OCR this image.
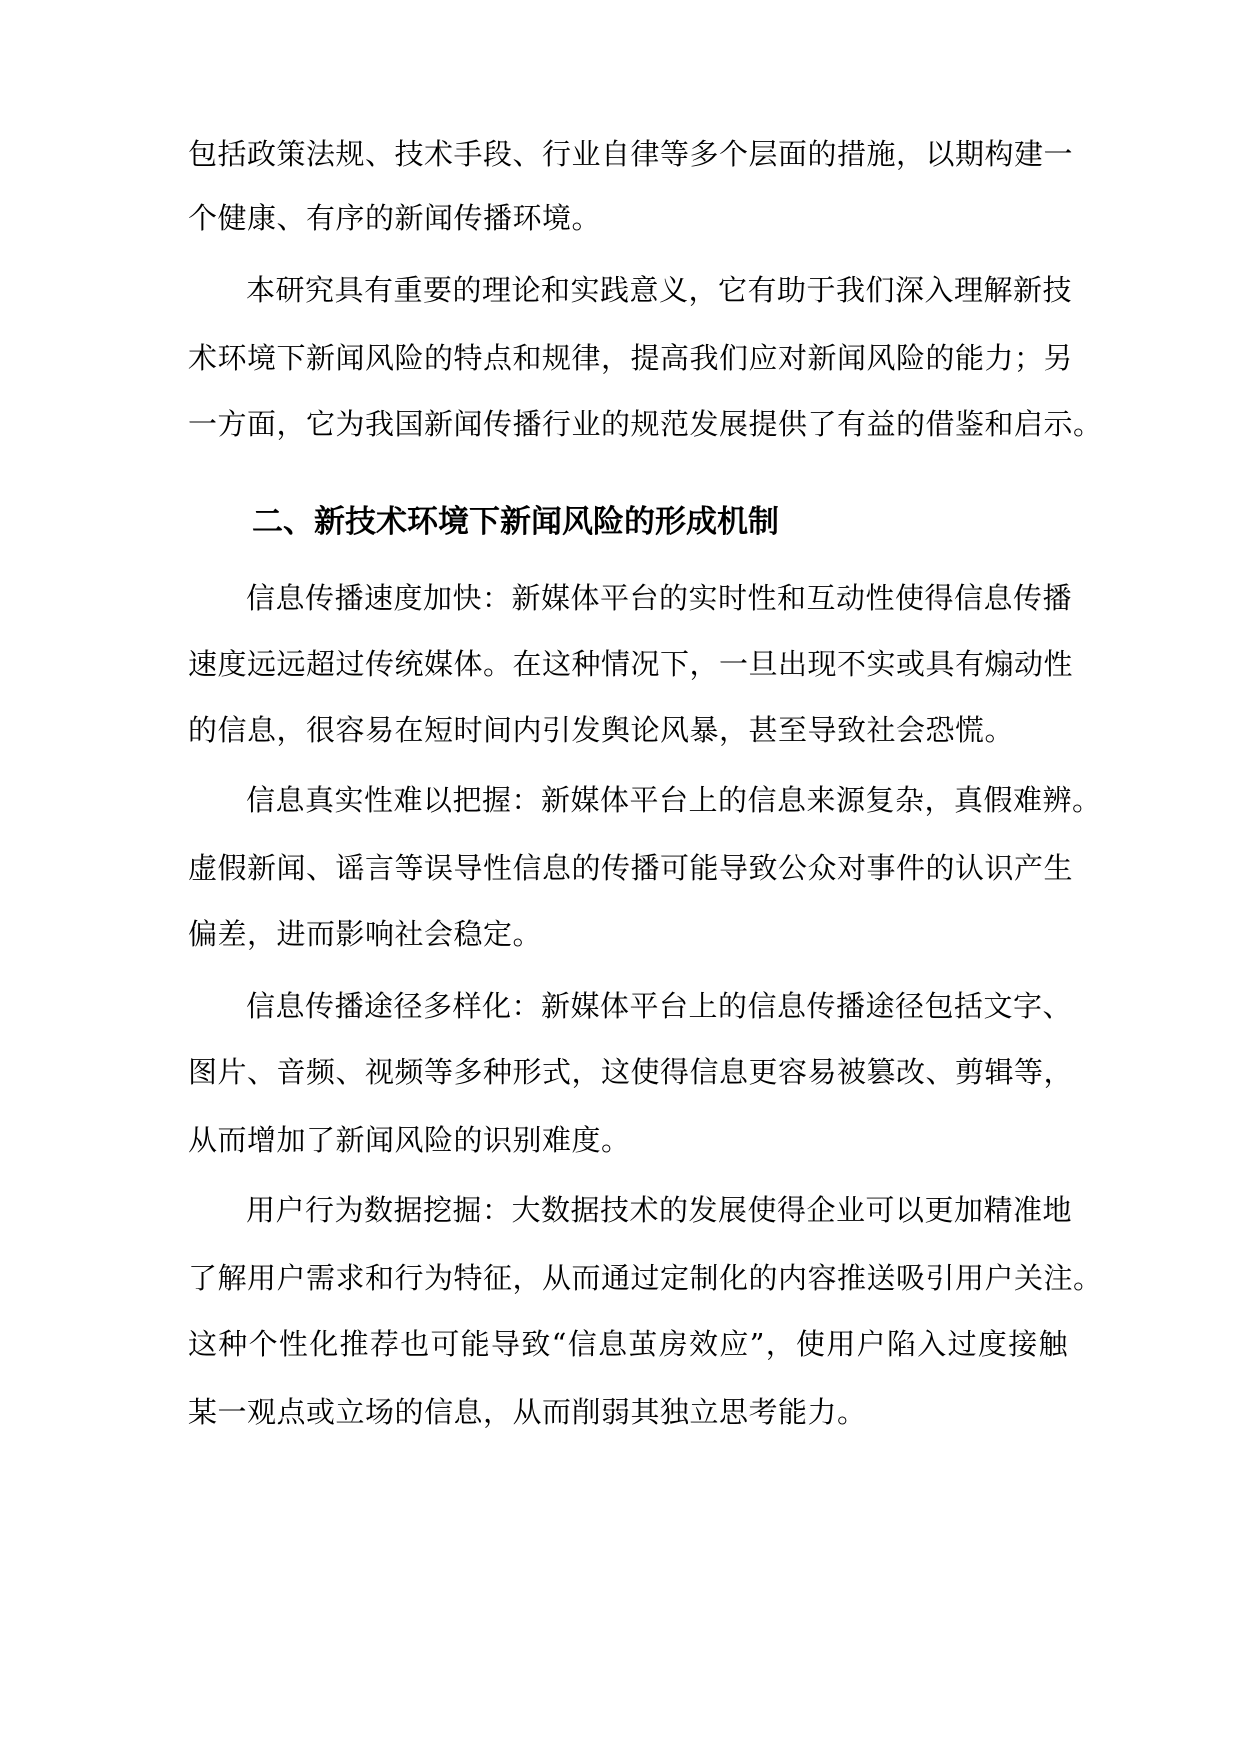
包括政策法规、技术手段、行业自律等多个层面的措施，以期构建一
个健康、有序的新闻传播环境。
本研究具有重要的理论和实践意义，它有助于我们深入理解新技
术环境下新闻风险的特点和规律，提高我们应对新闻风险的能力；另
一方面，它为我国新闻传播行业的规范发展提供了有益的借鉴和启示。
二、新技术环境下新闻风险的形成机制
信息传播速度加快：新媒体平台的实时性和互动性使得信息传播
速度远远超过传统媒体。在这种情况下，一旦出现不实或具有煽动性
的信息，很容易在短时间内引发舆论风暴，甚至导致社会恐慌。
信息真实性难以把握：新媒体平台上的信息来源复杂，真假难辨。
虚假新闻、谣言等误导性信息的传播可能导致公众对事件的认识产生
偏差，进而影响社会稳定。
信息传播途径多样化：新媒体平台上的信息传播途径包括文字、
图片、音频、视频等多种形式，这使得信息更容易被篡改、剪辑等，
从而增加了新闻风险的识别难度。
用户行为数据挖掘：大数据技术的发展使得企业可以更加精准地
了解用户需求和行为特征，从而通过定制化的内容推送吸引用户关注。
这种个性化推荐也可能导致“信息茧房效应”，使用户陷入过度接触
某一观点或立场的信息，从而削弱其独立思考能力。
